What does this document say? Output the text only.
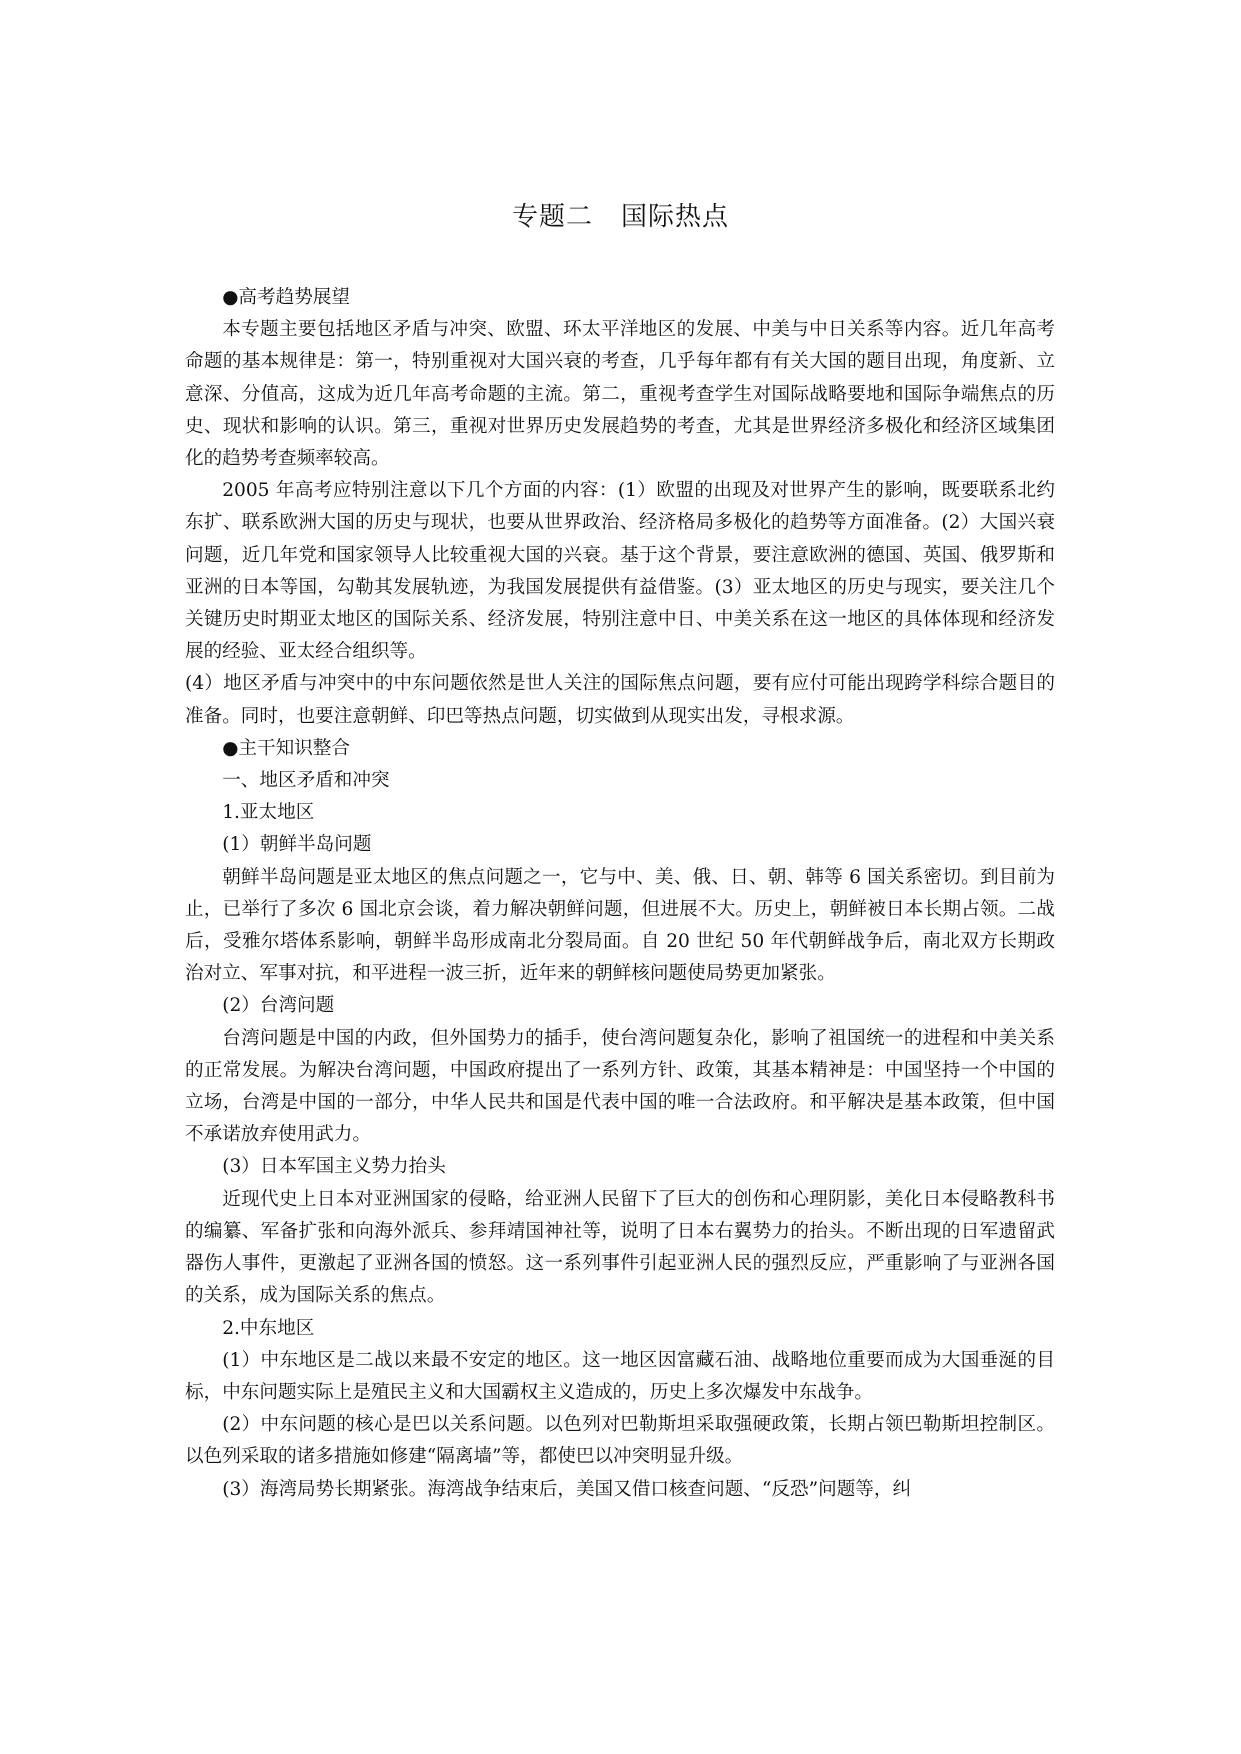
专题二 国际热点

●高考趋势展望

本专题主要包括地区矛盾与冲突、欧盟、环太平洋地区的发展、中美与中日关系等内容。近几年高考命题的基本规律是：第一，特别重视对大国兴衰的考查，几乎每年都有有关大国的题目出现，角度新、立意深、分值高，这成为近几年高考命题的主流。第二，重视考查学生对国际战略要地和国际争端焦点的历史、现状和影响的认识。第三，重视对世界历史发展趋势的考查，尤其是世界经济多极化和经济区域集团化的趋势考查频率较高。

2005 年高考应特别注意以下几个方面的内容：(1）欧盟的出现及对世界产生的影响，既要联系北约东扩、联系欧洲大国的历史与现状，也要从世界政治、经济格局多极化的趋势等方面准备。(2）大国兴衰问题，近几年党和国家领导人比较重视大国的兴衰。基于这个背景，要注意欧洲的德国、英国、俄罗斯和亚洲的日本等国，勾勒其发展轨迹，为我国发展提供有益借鉴。(3）亚太地区的历史与现实，要关注几个关键历史时期亚太地区的国际关系、经济发展，特别注意中日、中美关系在这一地区的具体体现和经济发展的经验、亚太经合组织等。

(4）地区矛盾与冲突中的中东问题依然是世人关注的国际焦点问题，要有应付可能出现跨学科综合题目的准备。同时，也要注意朝鲜、印巴等热点问题，切实做到从现实出发，寻根求源。

●主干知识整合

一、地区矛盾和冲突

1.亚太地区

(1）朝鲜半岛问题

朝鲜半岛问题是亚太地区的焦点问题之一，它与中、美、俄、日、朝、韩等 6 国关系密切。到目前为止，已举行了多次 6 国北京会谈，着力解决朝鲜问题，但进展不大。历史上，朝鲜被日本长期占领。二战后，受雅尔塔体系影响，朝鲜半岛形成南北分裂局面。自 20 世纪 50 年代朝鲜战争后，南北双方长期政治对立、军事对抗，和平进程一波三折，近年来的朝鲜核问题使局势更加紧张。

(2）台湾问题

台湾问题是中国的内政，但外国势力的插手，使台湾问题复杂化，影响了祖国统一的进程和中美关系的正常发展。为解决台湾问题，中国政府提出了一系列方针、政策，其基本精神是：中国坚持一个中国的立场，台湾是中国的一部分，中华人民共和国是代表中国的唯一合法政府。和平解决是基本政策，但中国不承诺放弃使用武力。

(3）日本军国主义势力抬头

近现代史上日本对亚洲国家的侵略，给亚洲人民留下了巨大的创伤和心理阴影，美化日本侵略教科书的编纂、军备扩张和向海外派兵、参拜靖国神社等，说明了日本右翼势力的抬头。不断出现的日军遗留武器伤人事件，更激起了亚洲各国的愤怒。这一系列事件引起亚洲人民的强烈反应，严重影响了与亚洲各国的关系，成为国际关系的焦点。

2.中东地区

(1）中东地区是二战以来最不安定的地区。这一地区因富藏石油、战略地位重要而成为大国垂涎的目标，中东问题实际上是殖民主义和大国霸权主义造成的，历史上多次爆发中东战争。

(2）中东问题的核心是巴以关系问题。以色列对巴勒斯坦采取强硬政策，长期占领巴勒斯坦控制区。以色列采取的诸多措施如修建“隔离墙”等，都使巴以冲突明显升级。

(3）海湾局势长期紧张。海湾战争结束后，美国又借口核查问题、“反恐”问题等，纠
